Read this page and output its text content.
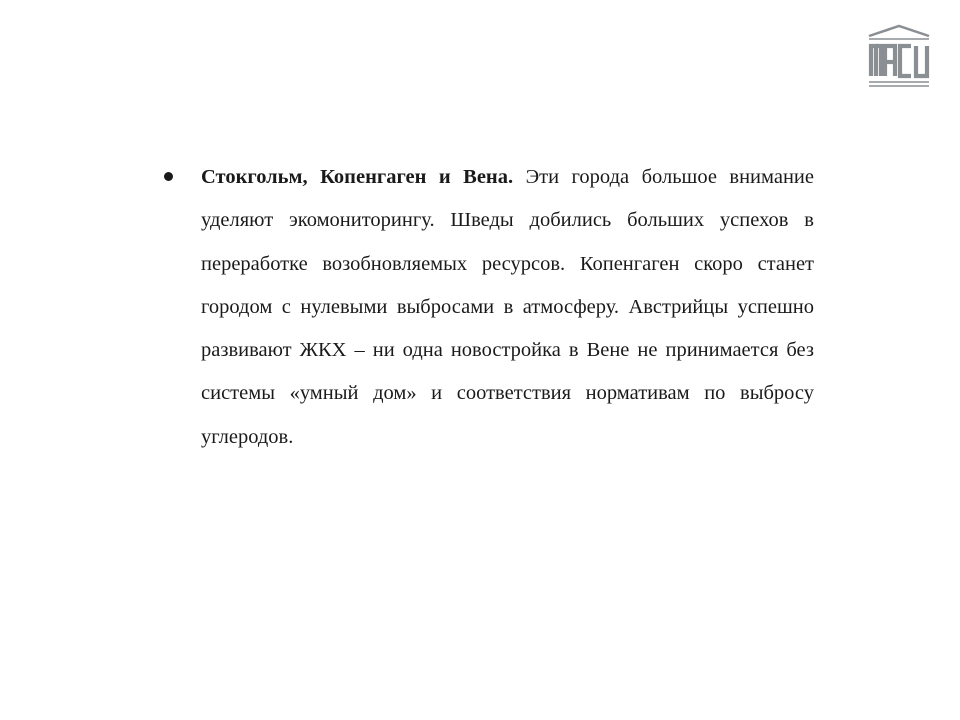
Стокгольм, Копенгаген и Вена. Эти города большое внимание уделяют экомониторингу. Шведы добились больших успехов в переработке возобновляемых ресурсов. Копенгаген скоро станет городом с нулевыми выбросами в атмосферу. Австрийцы успешно развивают ЖКХ – ни одна новостройка в Вене не принимается без системы «умный дом» и соответствия нормативам по выбросу углеродов.
